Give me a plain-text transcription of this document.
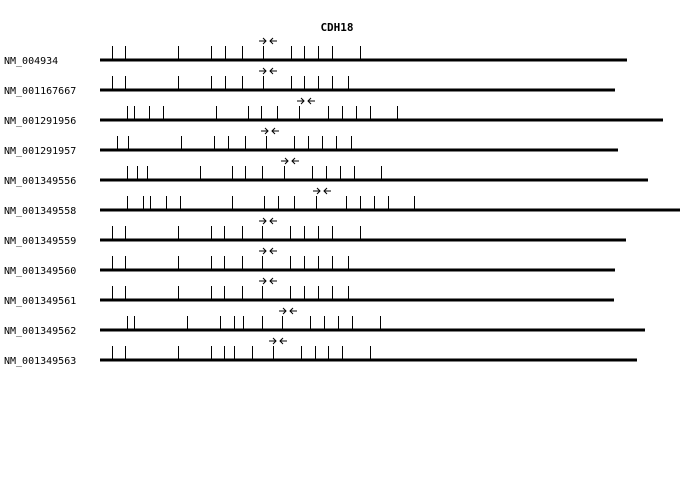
CDH18
NM_004934
NM_001167667
NM_001291956
NM_001291957
NM_001349556
NM_001349558
NM_001349559
NM_001349560
NM_001349561
NM_001349562
NM_001349563
